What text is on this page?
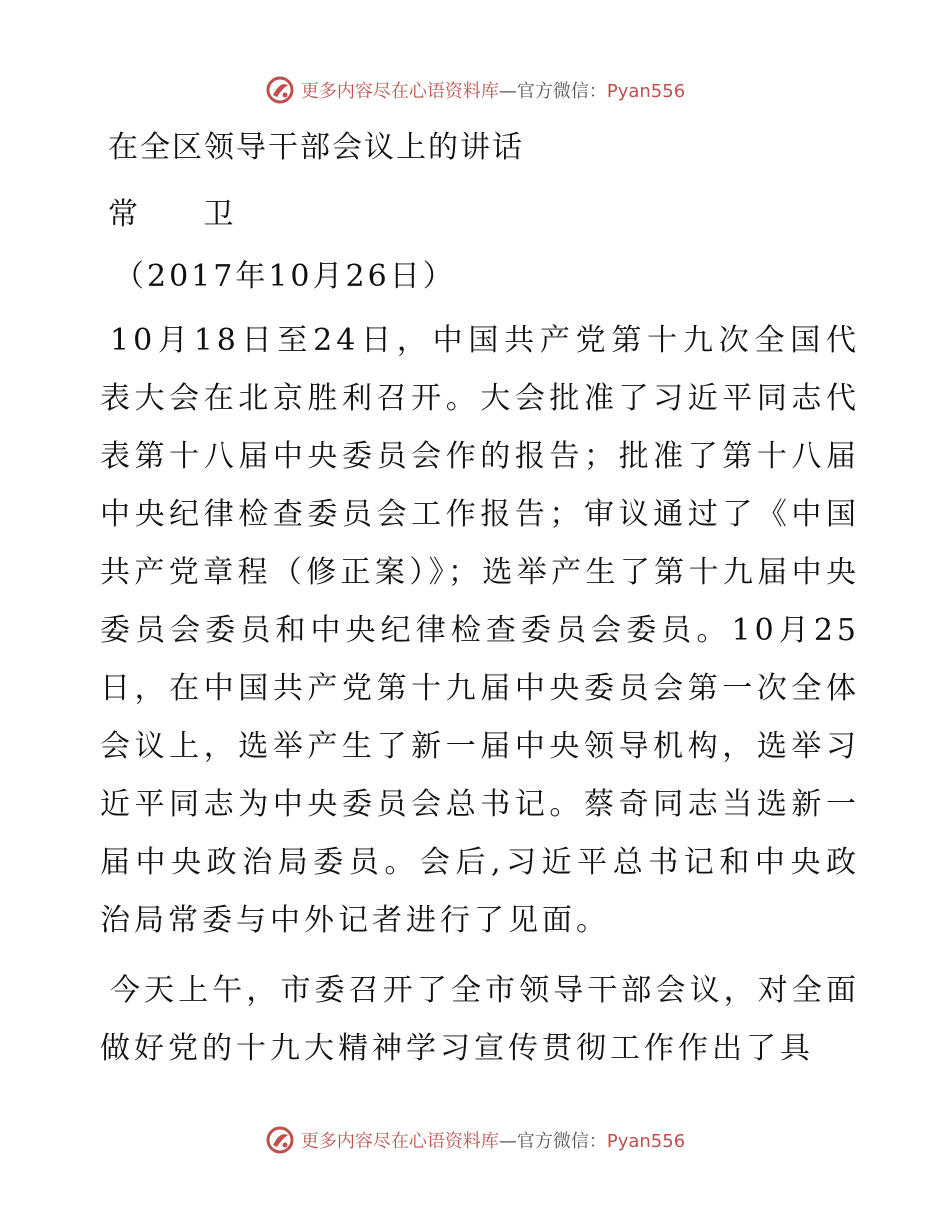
更多内容尽在心语资料库—官方微信：Pyan556
在全区领导干部会议上的讲话
常 卫
（2017年10月26日）

10月18日至24日，中国共产党第十九次全国代表大会在北京胜利召开。大会批准了习近平同志代表第十八届中央委员会作的报告；批准了第十八届中央纪律检查委员会工作报告；审议通过了《中国共产党章程（修正案）》；选举产生了第十九届中央委员会委员和中央纪律检查委员会委员。10月25日，在中国共产党第十九届中央委员会第一次全体会议上，选举产生了新一届中央领导机构，选举习近平同志为中央委员会总书记。蔡奇同志当选新一届中央政治局委员。会后,习近平总书记和中央政治局常委与中外记者进行了见面。

今天上午，市委召开了全市领导干部会议，对全面做好党的十九大精神学习宣传贯彻工作作出了具

更多内容尽在心语资料库—官方微信：Pyan556
